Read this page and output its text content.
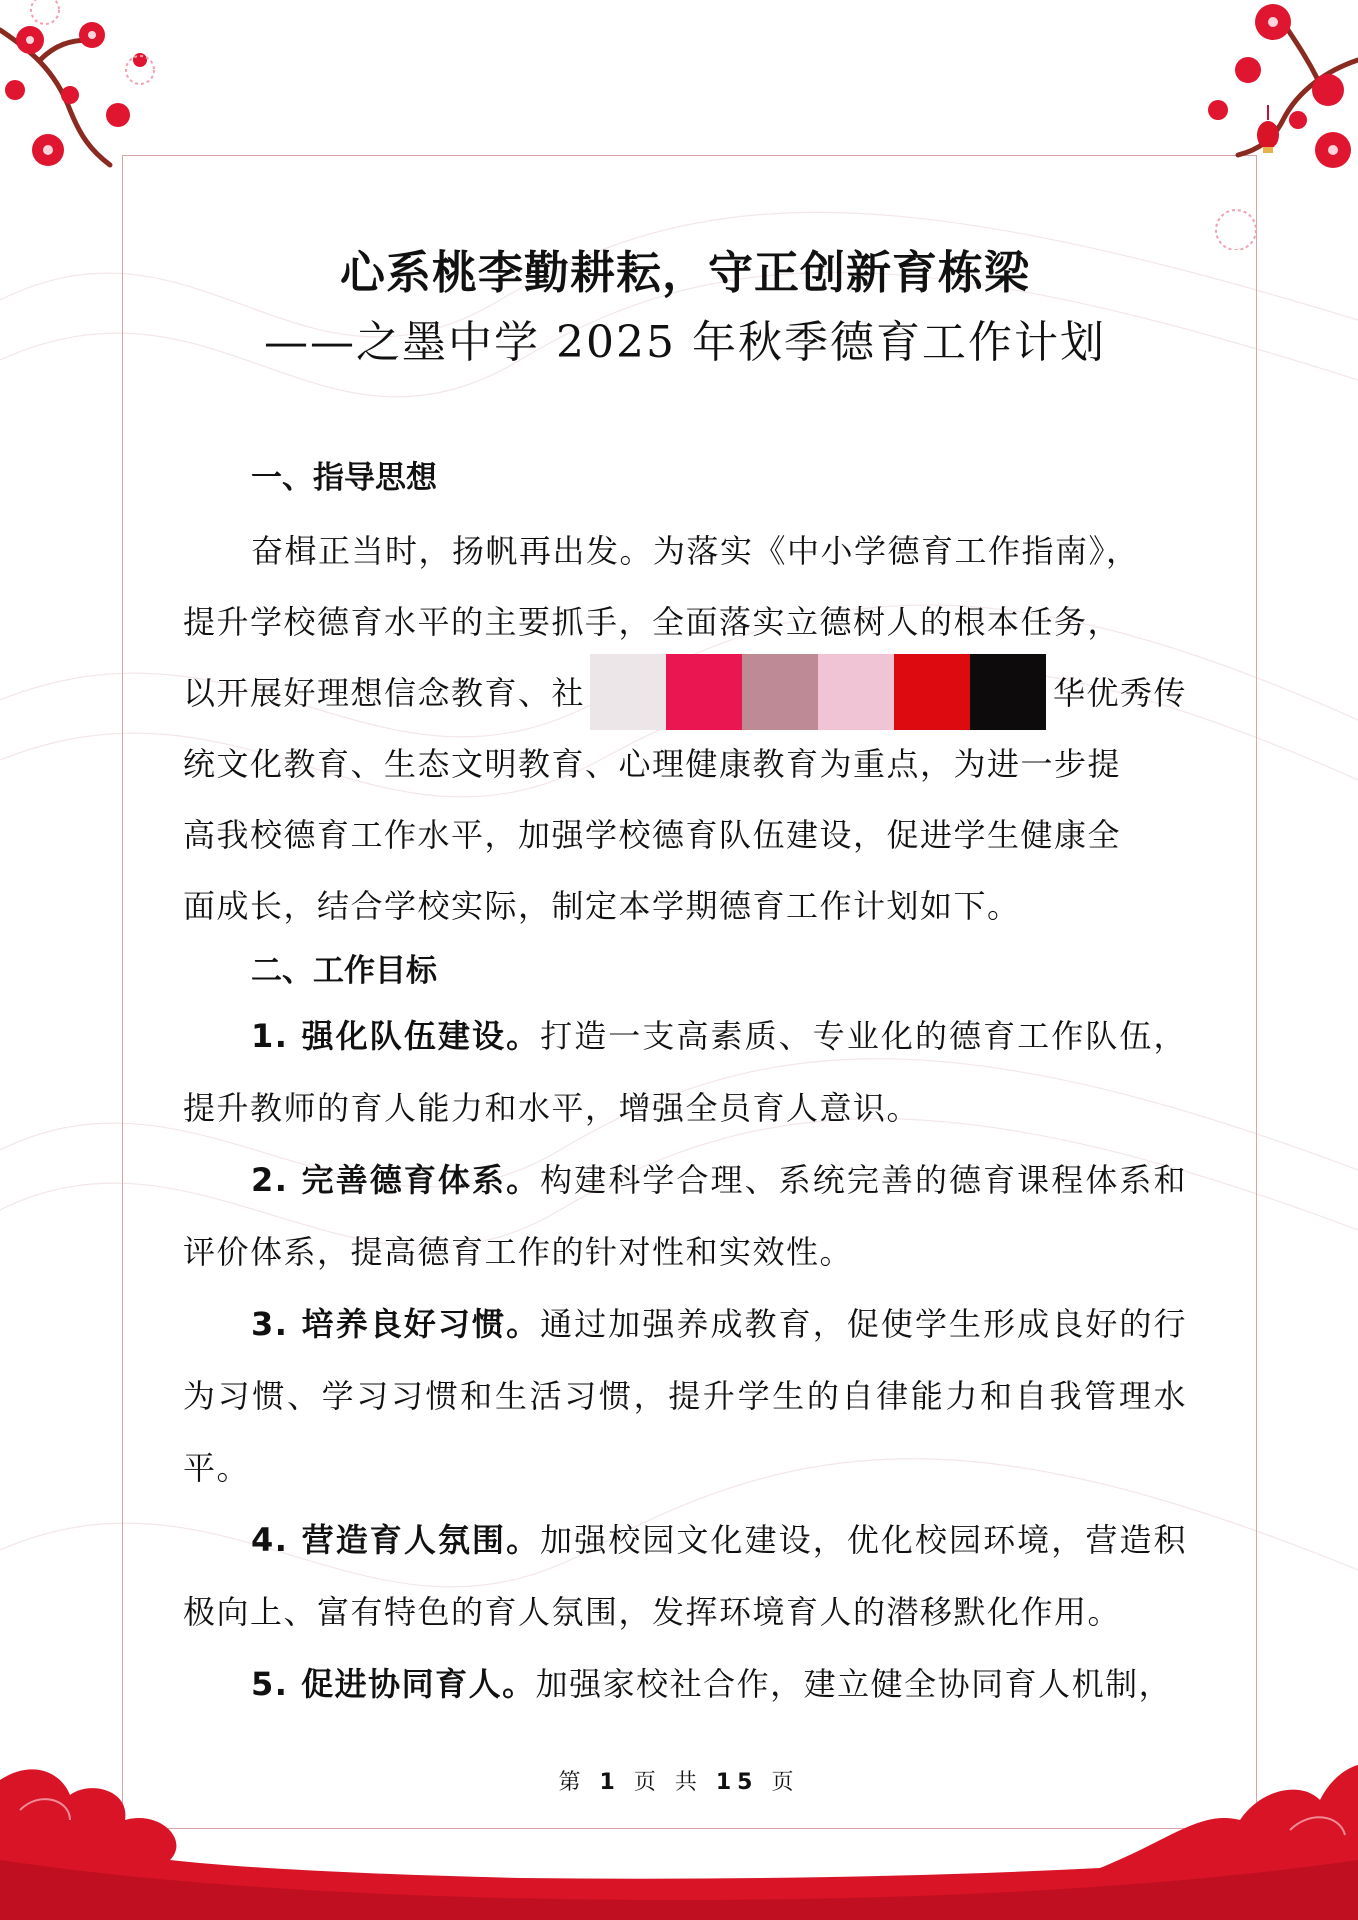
心系桃李勤耕耘，守正创新育栋梁
——之墨中学 2025 年秋季德育工作计划

一、指导思想

奋楫正当时，扬帆再出发。为落实《中小学德育工作指南》，
提升学校德育水平的主要抓手，全面落实立德树人的根本任务，
以开展好理想信念教育、社	华优秀传
统文化教育、生态文明教育、心理健康教育为重点，为进一步提
高我校德育工作水平，加强学校德育队伍建设，促进学生健康全
面成长，结合学校实际，制定本学期德育工作计划如下。

二、工作目标

1. 强化队伍建设。打造一支高素质、专业化的德育工作队伍，提升教师的育人能力和水平，增强全员育人意识。

2. 完善德育体系。构建科学合理、系统完善的德育课程体系和评价体系，提高德育工作的针对性和实效性。

3. 培养良好习惯。通过加强养成教育，促使学生形成良好的行为习惯、学习习惯和生活习惯，提升学生的自律能力和自我管理水平。

4. 营造育人氛围。加强校园文化建设，优化校园环境，营造积极向上、富有特色的育人氛围，发挥环境育人的潜移默化作用。

5. 促进协同育人。加强家校社合作，建立健全协同育人机制，

第 1 页 共 15 页
